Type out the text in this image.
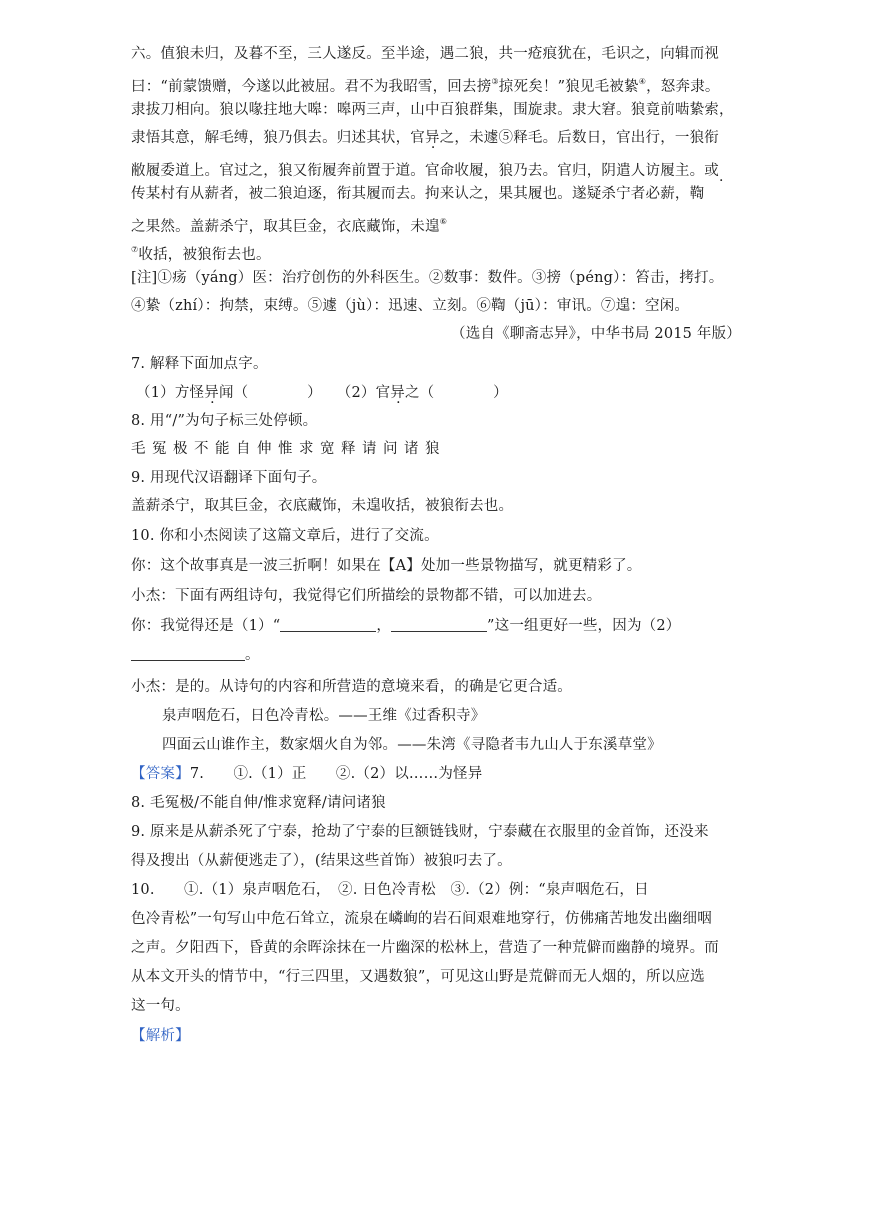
六。值狼未归，及暮不至，三人遂反。至半途，遇二狼，共一疮痕犹在，毛识之，向辑而视
曰：“前蒙馈赠，今遂以此被屈。君不为我昭雪，回去搒③掠死矣！”狼见毛被絷④，怒奔隶。
隶拔刀相向。狼以喙拄地大嗥：嗥两三声，山中百狼群集，围旋隶。隶大窘。狼竟前啮絷索，
隶悟其意，解毛缚，狼乃俱去。归述其状，官异之，未遽⑤释毛。后数日，官出行，一狼衔
敝履委道上。官过之，狼又衔履奔前置于道。官命收履，狼乃去。官归，阴遣人访履主。或
传某村有从薪者，被二狼迫逐，衔其履而去。拘来认之，果其履也。遂疑杀宁者必薪，鞫
之果然。盖薪杀宁，取其巨金，衣底藏饰，未遑⑥
⑦收括，被狼衔去也。
[注]①疡（yáng）医：治疗创伤的外科医生。②数事：数件。③搒（péng）：笞击，拷打。
④絷（zhí）：拘禁，束缚。⑤遽（jù）：迅速、立刻。⑥鞫（jū）：审讯。⑦遑：空闲。
（选自《聊斋志异》，中华书局 2015 年版）
7. 解释下面加点字。
（1）方怪异闻（　　　　）　　（2）官异之（　　　　）
8. 用“/”为句子标三处停顿。
毛冤极不能自伸惟求宽释请问诸狼
9. 用现代汉语翻译下面句子。
盖薪杀宁，取其巨金，衣底藏饰，未遑收括，被狼衔去也。
10. 你和小杰阅读了这篇文章后，进行了交流。
你：这个故事真是一波三折啊！如果在【A】处加一些景物描写，就更精彩了。
小杰：下面有两组诗句，我觉得它们所描绘的景物都不错，可以加进去。
你：我觉得还是（1）“	，	”这一组更好一些，因为（2）
。
小杰：是的。从诗句的内容和所营造的意境来看，的确是它更合适。
泉声咽危石，日色冷青松。——王维《过香积寺》
四面云山谁作主，数家烟火自为邻。——朱湾《寻隐者韦九山人于东溪草堂》
【答案】7.　　①.（1）正　　②.（2）以……为怪异
8. 毛冤极/不能自伸/惟求宽释/请问诸狼
9. 原来是从薪杀死了宁泰，抢劫了宁泰的巨额链钱财，宁泰藏在衣服里的金首饰，还没来
得及搜出（从薪便逃走了），(结果这些首饰）被狼叼去了。
10.　　①.（1）泉声咽危石，　②. 日色冷青松　③.（2）例：“泉声咽危石，日
色冷青松”一句写山中危石耸立，流泉在嶙峋的岩石间艰难地穿行，仿佛痛苦地发出幽细咽
之声。夕阳西下，昏黄的余晖涂抹在一片幽深的松林上，营造了一种荒僻而幽静的境界。而
从本文开头的情节中，“行三四里，又遇数狼”，可见这山野是荒僻而无人烟的，所以应选
这一句。
【解析】
